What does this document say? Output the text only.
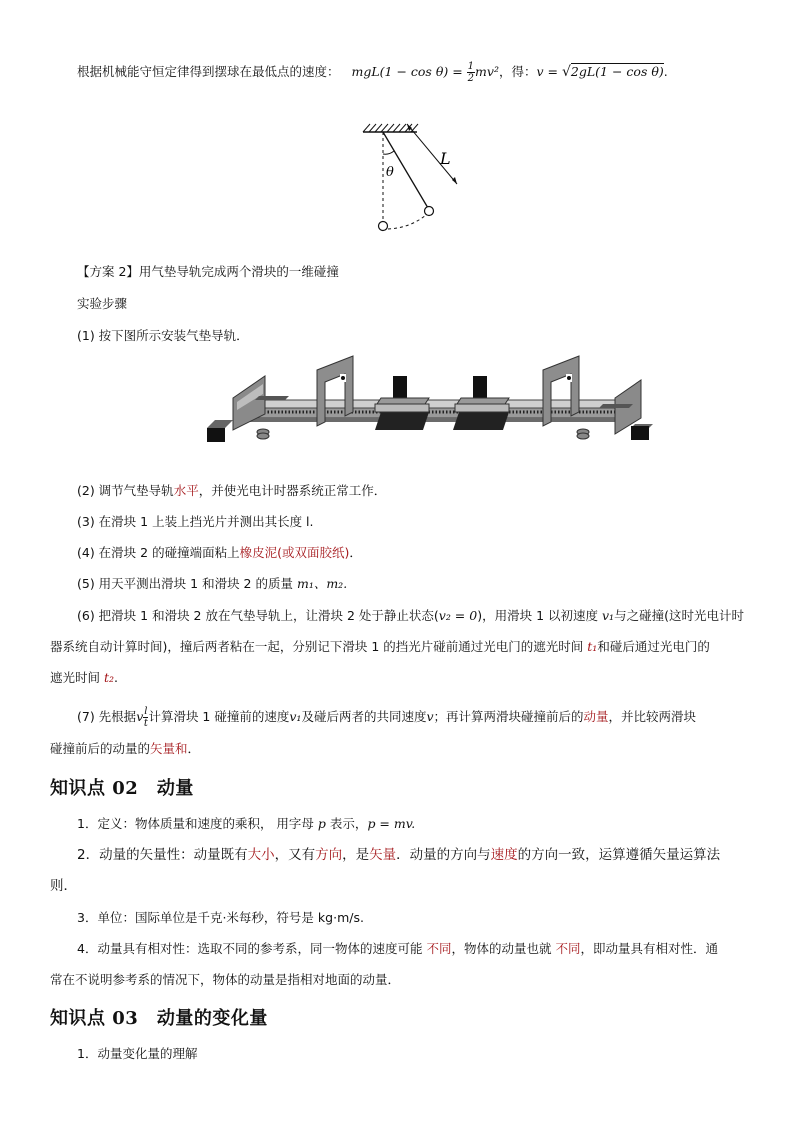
根据机械能守恒定律得到摆球在最低点的速度： $mgL(1 - \cos \theta) = \frac{1}{2} mv^2$，得：v = √2gL(1 − cos θ).
L
θ
【方案 2】用气垫导轨完成两个滑块的一维碰撞
实验步骤
(1) 按下图所示安装气垫导轨．
(2) 调节气垫导轨水平，并使光电计时器系统正常工作．
(3) 在滑块 1 上装上挡光片并测出其长度 l.
(4) 在滑块 2 的碰撞端面粘上橡皮泥(或双面胶纸)．
(5) 用天平测出滑块 1 和滑块 2 的质量 m₁、m₂.
(6) 把滑块 1 和滑块 2 放在气垫导轨上，让滑块 2 处于静止状态(v₂ = 0)，用滑块 1 以初速度 v₁与之碰撞(这时光电计时
器系统自动计算时间)，撞后两者粘在一起，分别记下滑块 1 的挡光片碰前通过光电门的遮光时间 t₁和碰后通过光电门的
遮光时间 t₂.
(7) 先根据v $\frac{l}{t}$ 计算滑块 1 碰撞前的速度v₁及碰后两者的共同速度v；再计算两滑块碰撞前后的动量，并比较两滑块
碰撞前后的动量的矢量和．
知识点 02　动量
1．定义：物体质量和速度的乘积， 用字母 p 表示，p = mv.
2．动量的矢量性：动量既有大小，又有方向，是矢量．动量的方向与速度的方向一致，运算遵循矢量运算法
则．
3．单位：国际单位是千克·米每秒，符号是 kg·m/s.
4．动量具有相对性：选取不同的参考系，同一物体的速度可能 不同，物体的动量也就 不同，即动量具有相对性．通
常在不说明参考系的情况下，物体的动量是指相对地面的动量．
知识点 03　动量的变化量
1．动量变化量的理解
